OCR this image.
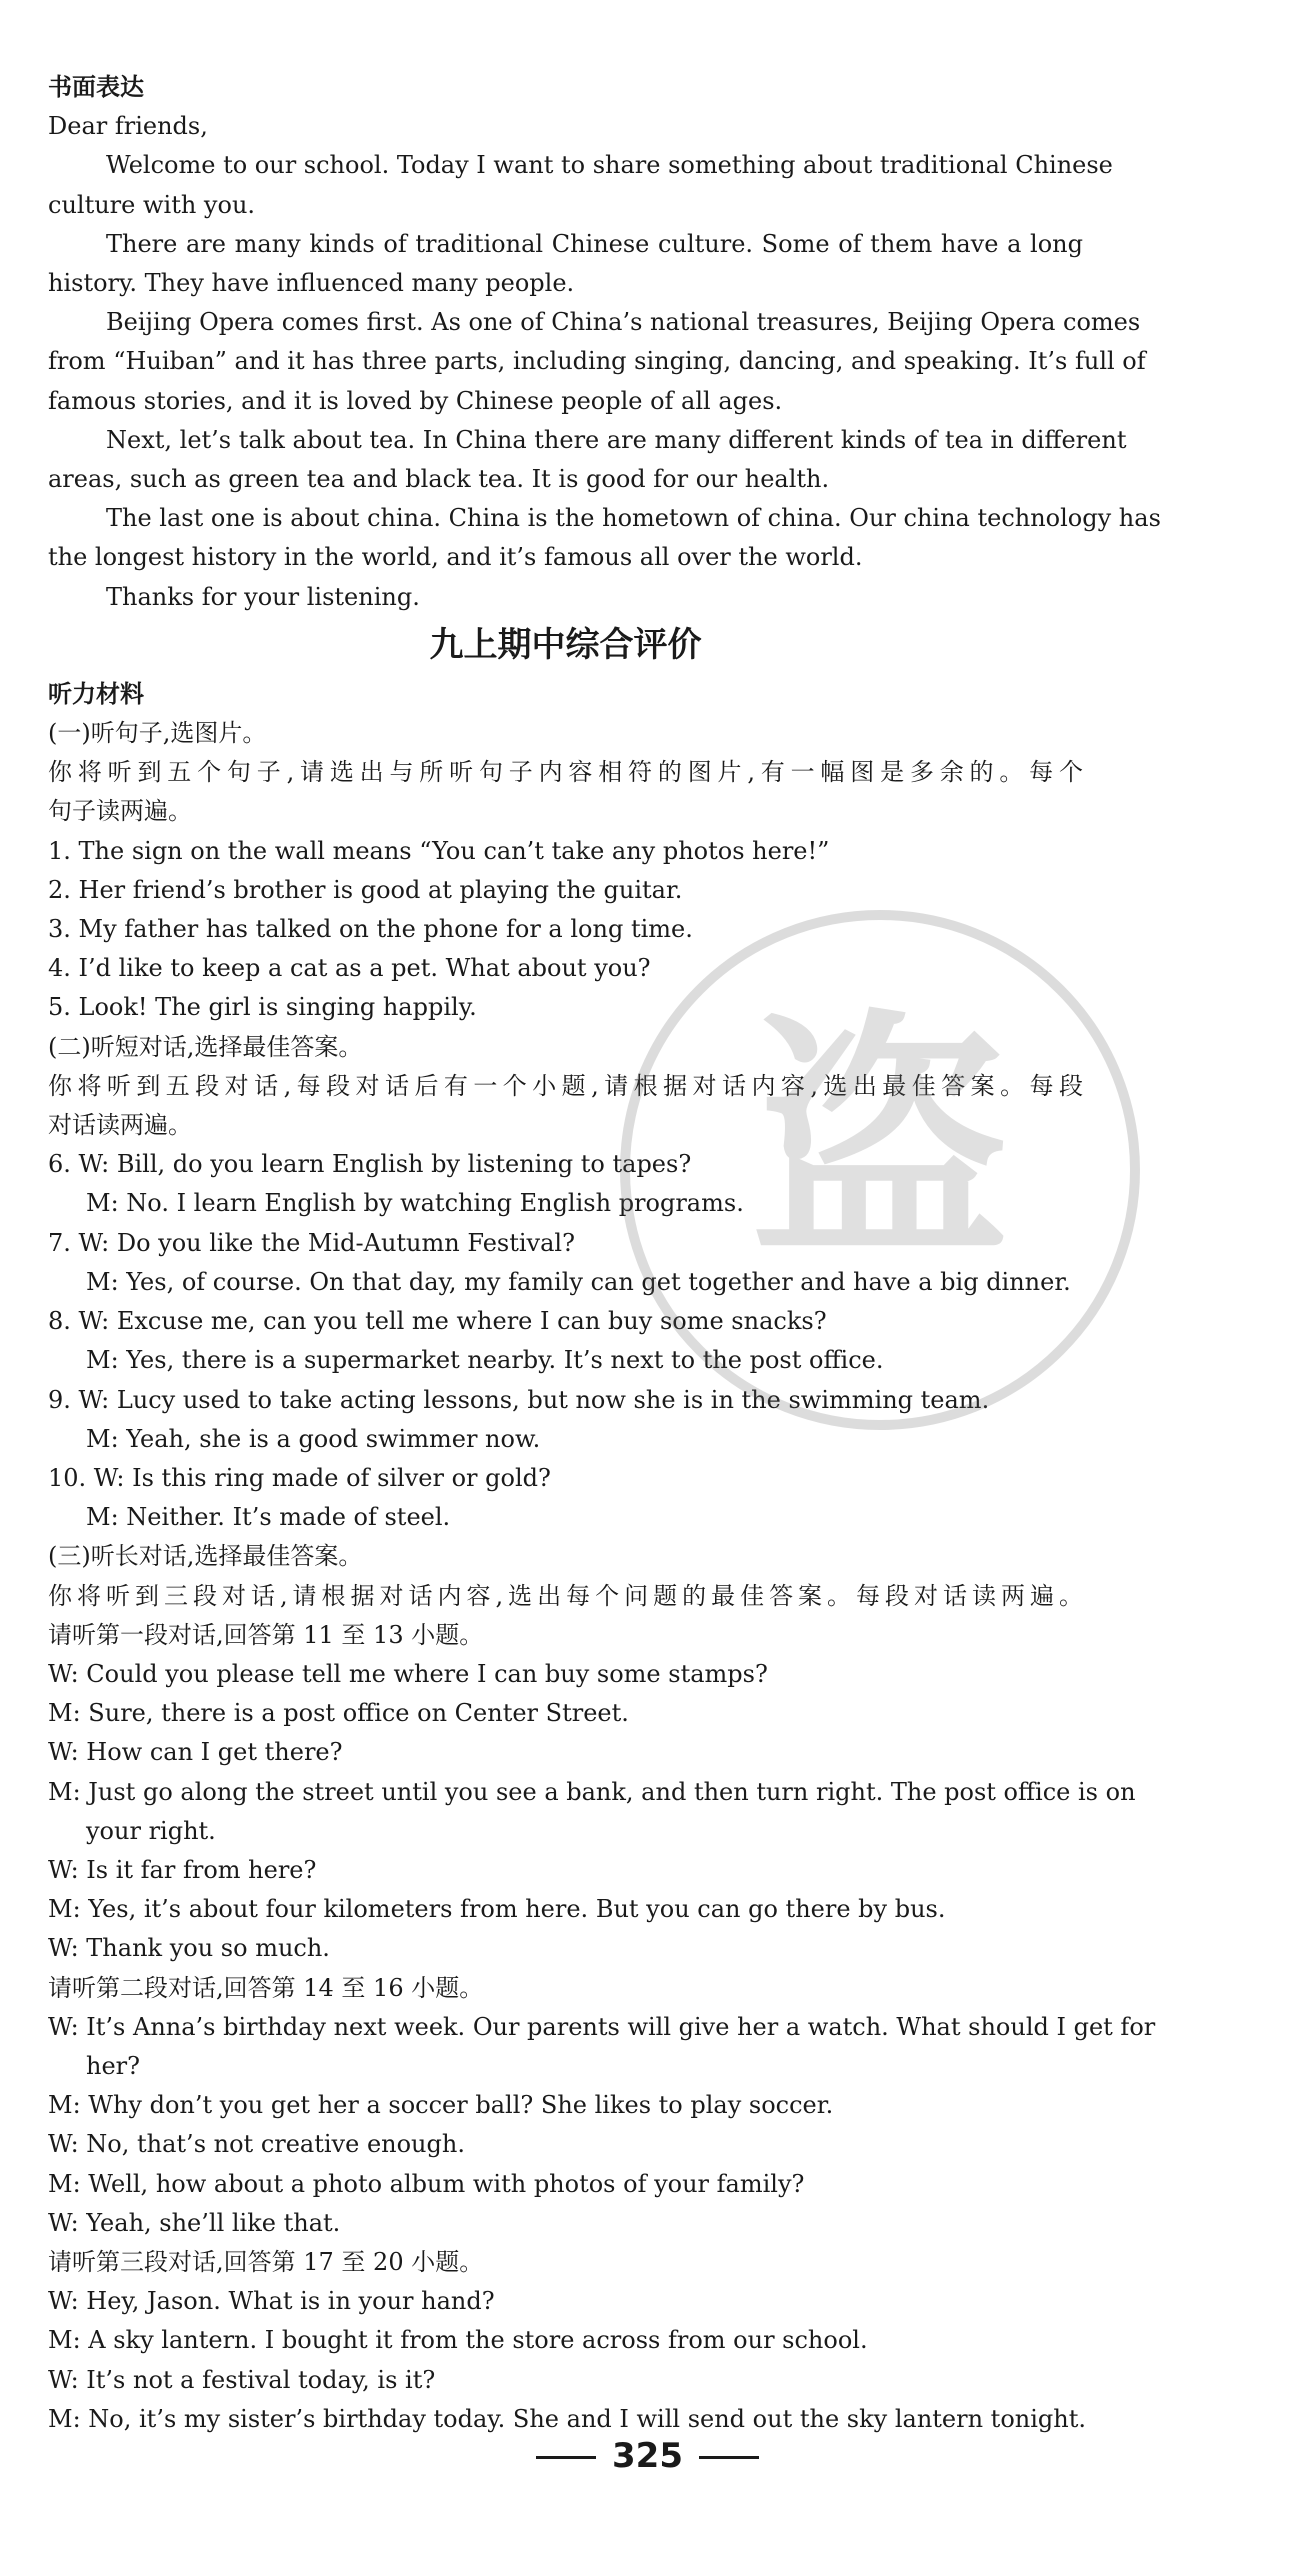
书面表达
Dear friends,
Welcome to our school. Today I want to share something about traditional Chinese
culture with you.
There are many kinds of traditional Chinese culture. Some of them have a long
history. They have influenced many people.
Beijing Opera comes first. As one of China’s national treasures, Beijing Opera comes
from “Huiban” and it has three parts, including singing, dancing, and speaking. It’s full of
famous stories, and it is loved by Chinese people of all ages.
Next, let’s talk about tea. In China there are many different kinds of tea in different
areas, such as green tea and black tea. It is good for our health.
The last one is about china. China is the hometown of china. Our china technology has
the longest history in the world, and it’s famous all over the world.
Thanks for your listening.
九上期中综合评价
听力材料
(一)听句子,选图片。
你将听到五个句子,请选出与所听句子内容相符的图片,有一幅图是多余的。每个
句子读两遍。
1. The sign on the wall means “You can’t take any photos here!”
2. Her friend’s brother is good at playing the guitar.
3. My father has talked on the phone for a long time.
4. I’d like to keep a cat as a pet. What about you?
5. Look! The girl is singing happily.
(二)听短对话,选择最佳答案。
你将听到五段对话,每段对话后有一个小题,请根据对话内容,选出最佳答案。每段
对话读两遍。
6. W: Bill, do you learn English by listening to tapes?
M: No. I learn English by watching English programs.
7. W: Do you like the Mid-Autumn Festival?
M: Yes, of course. On that day, my family can get together and have a big dinner.
8. W: Excuse me, can you tell me where I can buy some snacks?
M: Yes, there is a supermarket nearby. It’s next to the post office.
9. W: Lucy used to take acting lessons, but now she is in the swimming team.
M: Yeah, she is a good swimmer now.
10. W: Is this ring made of silver or gold?
M: Neither. It’s made of steel.
(三)听长对话,选择最佳答案。
你将听到三段对话,请根据对话内容,选出每个问题的最佳答案。每段对话读两遍。
请听第一段对话,回答第 11 至 13 小题。
W: Could you please tell me where I can buy some stamps?
M: Sure, there is a post office on Center Street.
W: How can I get there?
M: Just go along the street until you see a bank, and then turn right. The post office is on
your right.
W: Is it far from here?
M: Yes, it’s about four kilometers from here. But you can go there by bus.
W: Thank you so much.
请听第二段对话,回答第 14 至 16 小题。
W: It’s Anna’s birthday next week. Our parents will give her a watch. What should I get for
her?
M: Why don’t you get her a soccer ball? She likes to play soccer.
W: No, that’s not creative enough.
M: Well, how about a photo album with photos of your family?
W: Yeah, she’ll like that.
请听第三段对话,回答第 17 至 20 小题。
W: Hey, Jason. What is in your hand?
M: A sky lantern. I bought it from the store across from our school.
W: It’s not a festival today, is it?
M: No, it’s my sister’s birthday today. She and I will send out the sky lantern tonight.
盗
325
